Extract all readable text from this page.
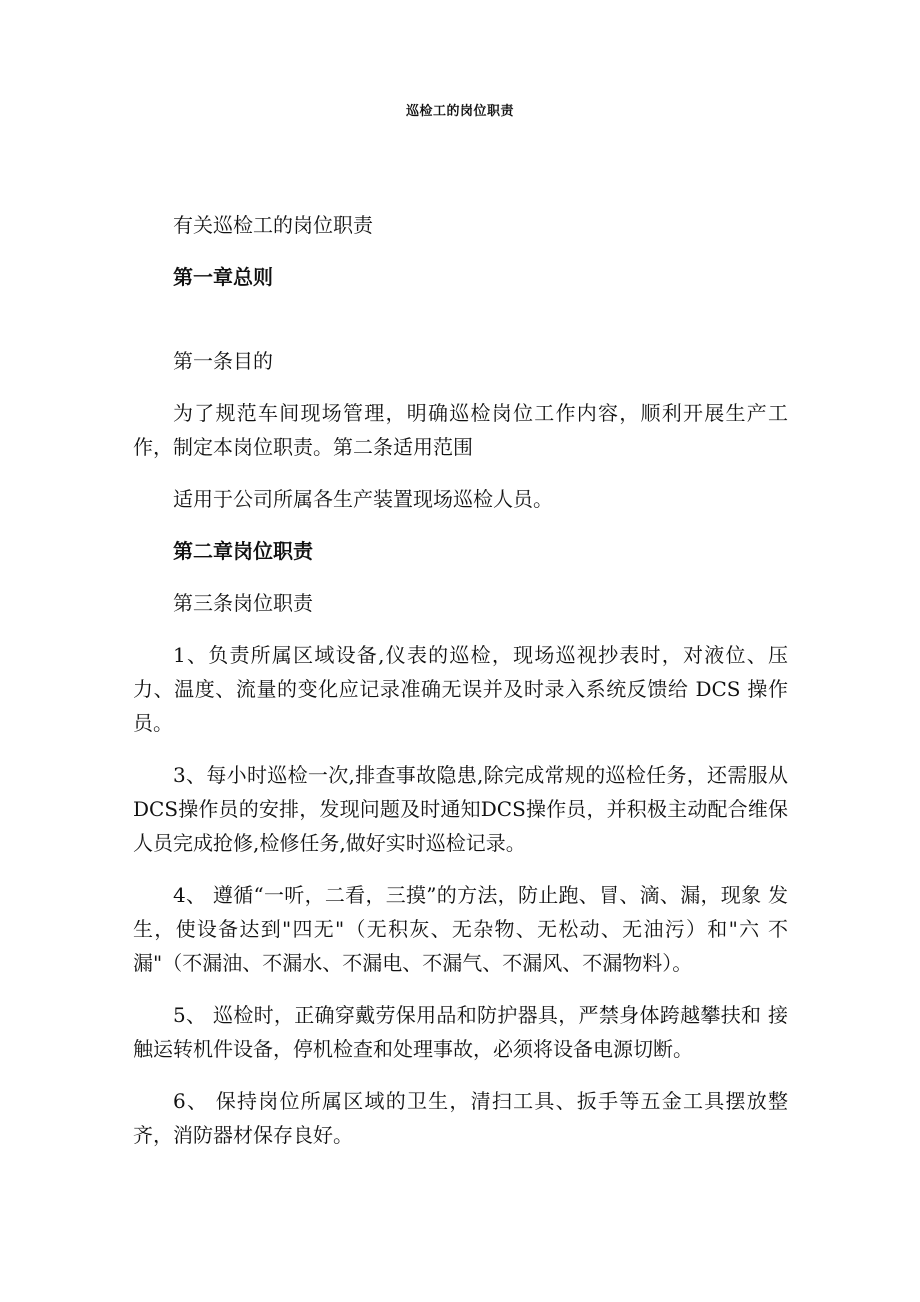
巡检工的岗位职责

有关巡检工的岗位职责

第一章总则

第一条目的

为了规范车间现场管理，明确巡检岗位工作内容，顺利开展生产工作，制定本岗位职责。第二条适用范围

适用于公司所属各生产装置现场巡检人员。

第二章岗位职责

第三条岗位职责

1、负责所属区域设备,仪表的巡检，现场巡视抄表时，对液位、压力、温度、流量的变化应记录准确无误并及时录入系统反馈给 DCS 操作员。

3、每小时巡检一次,排查事故隐患,除完成常规的巡检任务，还需服从DCS操作员的安排，发现问题及时通知DCS操作员，并积极主动配合维保人员完成抢修,检修任务,做好实时巡检记录。

4、 遵循“一听，二看，三摸”的方法，防止跑、冒、滴、漏，现象 发生，使设备达到"四无"（无积灰、无杂物、无松动、无油污）和"六 不漏"（不漏油、不漏水、不漏电、不漏气、不漏风、不漏物料）。

5、 巡检时，正确穿戴劳保用品和防护器具，严禁身体跨越攀扶和 接触运转机件设备，停机检查和处理事故，必须将设备电源切断。

6、 保持岗位所属区域的卫生，清扫工具、扳手等五金工具摆放整齐，消防器材保存良好。
